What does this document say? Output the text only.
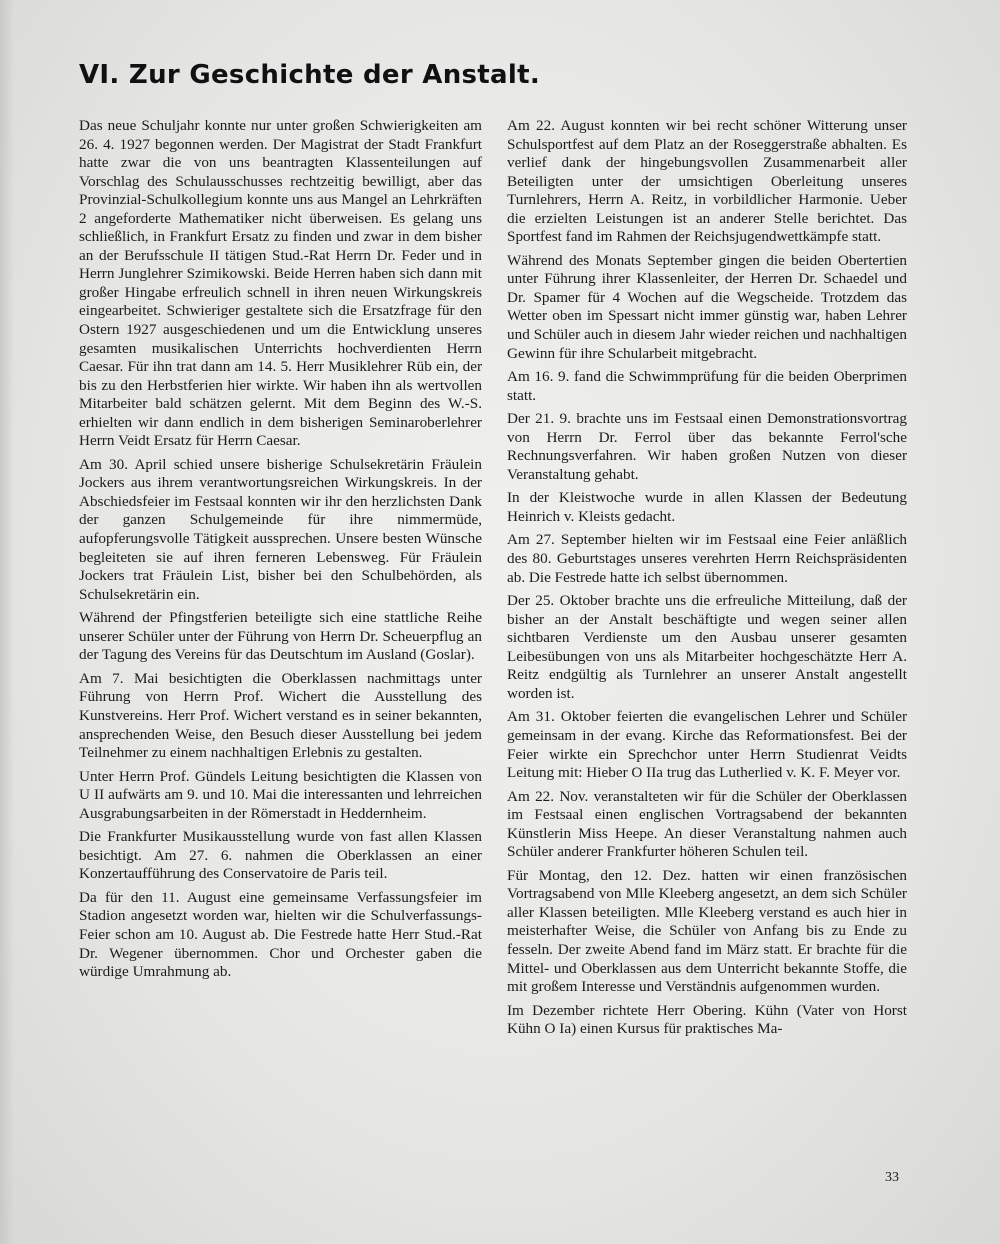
VI. Zur Geschichte der Anstalt.

Das neue Schuljahr konnte nur unter großen Schwierigkeiten am 26. 4. 1927 begonnen werden. Der Magistrat der Stadt Frankfurt hatte zwar die von uns beantragten Klassenteilungen auf Vorschlag des Schulausschusses rechtzeitig bewilligt, aber das Provinzial-Schulkollegium konnte uns aus Mangel an Lehrkräften 2 angeforderte Mathematiker nicht überweisen. Es gelang uns schließlich, in Frankfurt Ersatz zu finden und zwar in dem bisher an der Berufsschule II tätigen Stud.-Rat Herrn Dr. Feder und in Herrn Junglehrer Szimikowski. Beide Herren haben sich dann mit großer Hingabe erfreulich schnell in ihren neuen Wirkungskreis eingearbeitet. Schwieriger gestaltete sich die Ersatzfrage für den Ostern 1927 ausgeschiedenen und um die Entwicklung unseres gesamten musikalischen Unterrichts hochverdienten Herrn Caesar. Für ihn trat dann am 14. 5. Herr Musiklehrer Rüb ein, der bis zu den Herbstferien hier wirkte. Wir haben ihn als wertvollen Mitarbeiter bald schätzen gelernt. Mit dem Beginn des W.-S. erhielten wir dann endlich in dem bisherigen Seminaroberlehrer Herrn Veidt Ersatz für Herrn Caesar.

Am 30. April schied unsere bisherige Schulsekretärin Fräulein Jockers aus ihrem verantwortungsreichen Wirkungskreis. In der Abschiedsfeier im Festsaal konnten wir ihr den herzlichsten Dank der ganzen Schulgemeinde für ihre nimmermüde, aufopferungsvolle Tätigkeit aussprechen. Unsere besten Wünsche begleiteten sie auf ihren ferneren Lebensweg. Für Fräulein Jockers trat Fräulein List, bisher bei den Schulbehörden, als Schulsekretärin ein.

Während der Pfingstferien beteiligte sich eine stattliche Reihe unserer Schüler unter der Führung von Herrn Dr. Scheuerpflug an der Tagung des Vereins für das Deutschtum im Ausland (Goslar).

Am 7. Mai besichtigten die Oberklassen nachmittags unter Führung von Herrn Prof. Wichert die Ausstellung des Kunstvereins. Herr Prof. Wichert verstand es in seiner bekannten, ansprechenden Weise, den Besuch dieser Ausstellung bei jedem Teilnehmer zu einem nachhaltigen Erlebnis zu gestalten.

Unter Herrn Prof. Gündels Leitung besichtigten die Klassen von U II aufwärts am 9. und 10. Mai die interessanten und lehrreichen Ausgrabungsarbeiten in der Römerstadt in Heddernheim.

Die Frankfurter Musikausstellung wurde von fast allen Klassen besichtigt. Am 27. 6. nahmen die Oberklassen an einer Konzertaufführung des Conservatoire de Paris teil.

Da für den 11. August eine gemeinsame Verfassungsfeier im Stadion angesetzt worden war, hielten wir die Schulverfassungs-Feier schon am 10. August ab. Die Festrede hatte Herr Stud.-Rat Dr. Wegener übernommen. Chor und Orchester gaben die würdige Umrahmung ab.

Am 22. August konnten wir bei recht schöner Witterung unser Schulsportfest auf dem Platz an der Roseggerstraße abhalten. Es verlief dank der hingebungsvollen Zusammenarbeit aller Beteiligten unter der umsichtigen Oberleitung unseres Turnlehrers, Herrn A. Reitz, in vorbildlicher Harmonie. Ueber die erzielten Leistungen ist an anderer Stelle berichtet. Das Sportfest fand im Rahmen der Reichsjugendwettkämpfe statt.

Während des Monats September gingen die beiden Obertertien unter Führung ihrer Klassenleiter, der Herren Dr. Schaedel und Dr. Spamer für 4 Wochen auf die Wegscheide. Trotzdem das Wetter oben im Spessart nicht immer günstig war, haben Lehrer und Schüler auch in diesem Jahr wieder reichen und nachhaltigen Gewinn für ihre Schularbeit mitgebracht.

Am 16. 9. fand die Schwimmprüfung für die beiden Oberprimen statt.

Der 21. 9. brachte uns im Festsaal einen Demonstrationsvortrag von Herrn Dr. Ferrol über das bekannte Ferrol'sche Rechnungsverfahren. Wir haben großen Nutzen von dieser Veranstaltung gehabt.

In der Kleistwoche wurde in allen Klassen der Bedeutung Heinrich v. Kleists gedacht.

Am 27. September hielten wir im Festsaal eine Feier anläßlich des 80. Geburtstages unseres verehrten Herrn Reichspräsidenten ab. Die Festrede hatte ich selbst übernommen.

Der 25. Oktober brachte uns die erfreuliche Mitteilung, daß der bisher an der Anstalt beschäftigte und wegen seiner allen sichtbaren Verdienste um den Ausbau unserer gesamten Leibesübungen von uns als Mitarbeiter hochgeschätzte Herr A. Reitz endgültig als Turnlehrer an unserer Anstalt angestellt worden ist.

Am 31. Oktober feierten die evangelischen Lehrer und Schüler gemeinsam in der evang. Kirche das Reformationsfest. Bei der Feier wirkte ein Sprechchor unter Herrn Studienrat Veidts Leitung mit: Hieber O IIa trug das Lutherlied v. K. F. Meyer vor.

Am 22. Nov. veranstalteten wir für die Schüler der Oberklassen im Festsaal einen englischen Vortragsabend der bekannten Künstlerin Miss Heepe. An dieser Veranstaltung nahmen auch Schüler anderer Frankfurter höheren Schulen teil.

Für Montag, den 12. Dez. hatten wir einen französischen Vortragsabend von Mlle Kleeberg angesetzt, an dem sich Schüler aller Klassen beteiligten. Mlle Kleeberg verstand es auch hier in meisterhafter Weise, die Schüler von Anfang bis zu Ende zu fesseln. Der zweite Abend fand im März statt. Er brachte für die Mittel- und Oberklassen aus dem Unterricht bekannte Stoffe, die mit großem Interesse und Verständnis aufgenommen wurden.

Im Dezember richtete Herr Obering. Kühn (Vater von Horst Kühn O Ia) einen Kursus für praktisches Ma-

33
